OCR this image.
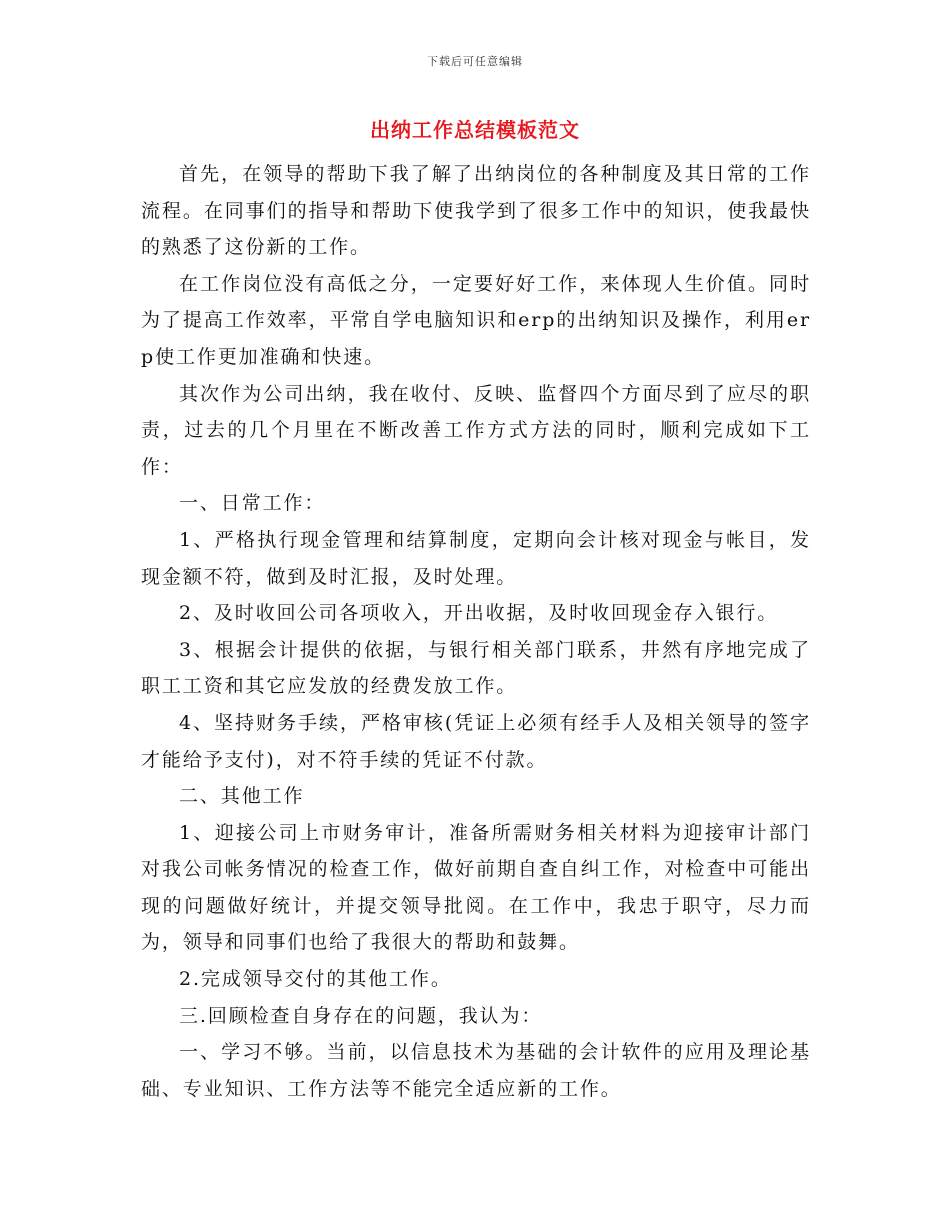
下载后可任意编辑
出纳工作总结模板范文

首先，在领导的帮助下我了解了出纳岗位的各种制度及其日常的工作流程。在同事们的指导和帮助下使我学到了很多工作中的知识，使我最快的熟悉了这份新的工作。

在工作岗位没有高低之分，一定要好好工作，来体现人生价值。同时为了提高工作效率，平常自学电脑知识和erp的出纳知识及操作，利用erp使工作更加准确和快速。

其次作为公司出纳，我在收付、反映、监督四个方面尽到了应尽的职责，过去的几个月里在不断改善工作方式方法的同时，顺利完成如下工作：

一、日常工作：

1、严格执行现金管理和结算制度，定期向会计核对现金与帐目，发现金额不符，做到及时汇报，及时处理。

2、及时收回公司各项收入，开出收据，及时收回现金存入银行。

3、根据会计提供的依据，与银行相关部门联系，井然有序地完成了职工工资和其它应发放的经费发放工作。

4、坚持财务手续，严格审核(凭证上必须有经手人及相关领导的签字才能给予支付)，对不符手续的凭证不付款。

二、其他工作

1、迎接公司上市财务审计，准备所需财务相关材料为迎接审计部门对我公司帐务情况的检查工作，做好前期自查自纠工作，对检查中可能出现的问题做好统计，并提交领导批阅。在工作中，我忠于职守，尽力而为，领导和同事们也给了我很大的帮助和鼓舞。

2.完成领导交付的其他工作。

三.回顾检查自身存在的问题，我认为：

一、学习不够。当前，以信息技术为基础的会计软件的应用及理论基础、专业知识、工作方法等不能完全适应新的工作。
